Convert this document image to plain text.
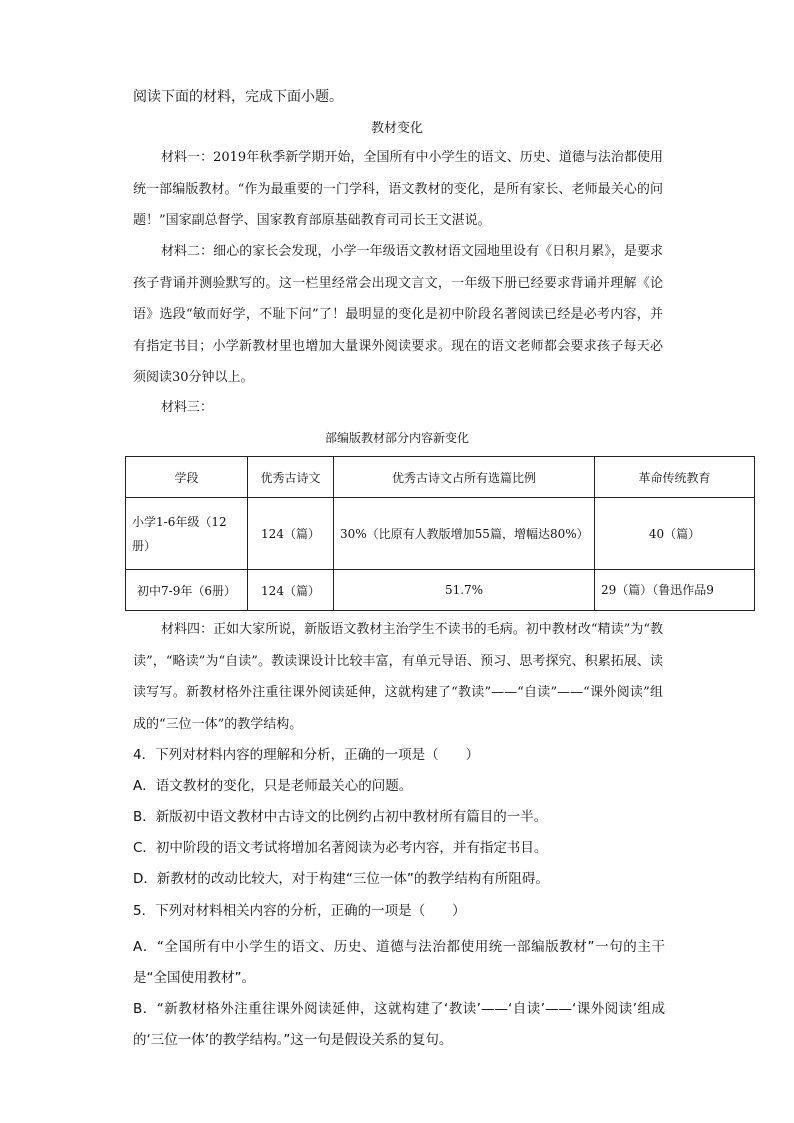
阅读下面的材料，完成下面小题。
教材变化
材料一：2019年秋季新学期开始，全国所有中小学生的语文、历史、道德与法治都使用统一部编版教材。“作为最重要的一门学科，语文教材的变化，是所有家长、老师最关心的问题！”国家副总督学、国家教育部原基础教育司司长王文湛说。
材料二：细心的家长会发现，小学一年级语文教材语文园地里设有《日积月累》，是要求孩子背诵并测验默写的。这一栏里经常会出现文言文，一年级下册已经要求背诵并理解《论语》选段“敏而好学，不耻下问”了！最明显的变化是初中阶段名著阅读已经是必考内容，并有指定书目；小学新教材里也增加大量课外阅读要求。现在的语文老师都会要求孩子每天必须阅读30分钟以上。
材料三：
部编版教材部分内容新变化
学段	优秀古诗文	优秀古诗文占所有选篇比例	革命传统教育
小学1-6年级（12册）	124（篇）	30%（比原有人教版增加55篇，增幅达80%）	40（篇）
初中7-9年（6册）	124（篇）	51.7%	29（篇）（鲁迅作品9
材料四：正如大家所说，新版语文教材主治学生不读书的毛病。初中教材改“精读”为“教读”，“略读”为“自读”。教读课设计比较丰富，有单元导语、预习、思考探究、积累拓展、读读写写。新教材格外注重往课外阅读延伸，这就构建了“教读”——“自读”——“课外阅读”组成的“三位一体”的教学结构。
4．下列对材料内容的理解和分析，正确的一项是（　　）
A．语文教材的变化，只是老师最关心的问题。
B．新版初中语文教材中古诗文的比例约占初中教材所有篇目的一半。
C．初中阶段的语文考试将增加名著阅读为必考内容，并有指定书目。
D．新教材的改动比较大，对于构建“三位一体”的教学结构有所阻碍。
5．下列对材料相关内容的分析，正确的一项是（　　）
A．“全国所有中小学生的语文、历史、道德与法治都使用统一部编版教材”一句的主干是“全国使用教材”。
B．“新教材格外注重往课外阅读延伸，这就构建了‘教读’——‘自读’——‘课外阅读’组成的‘三位一体’的教学结构。”这一句是假设关系的复句。
